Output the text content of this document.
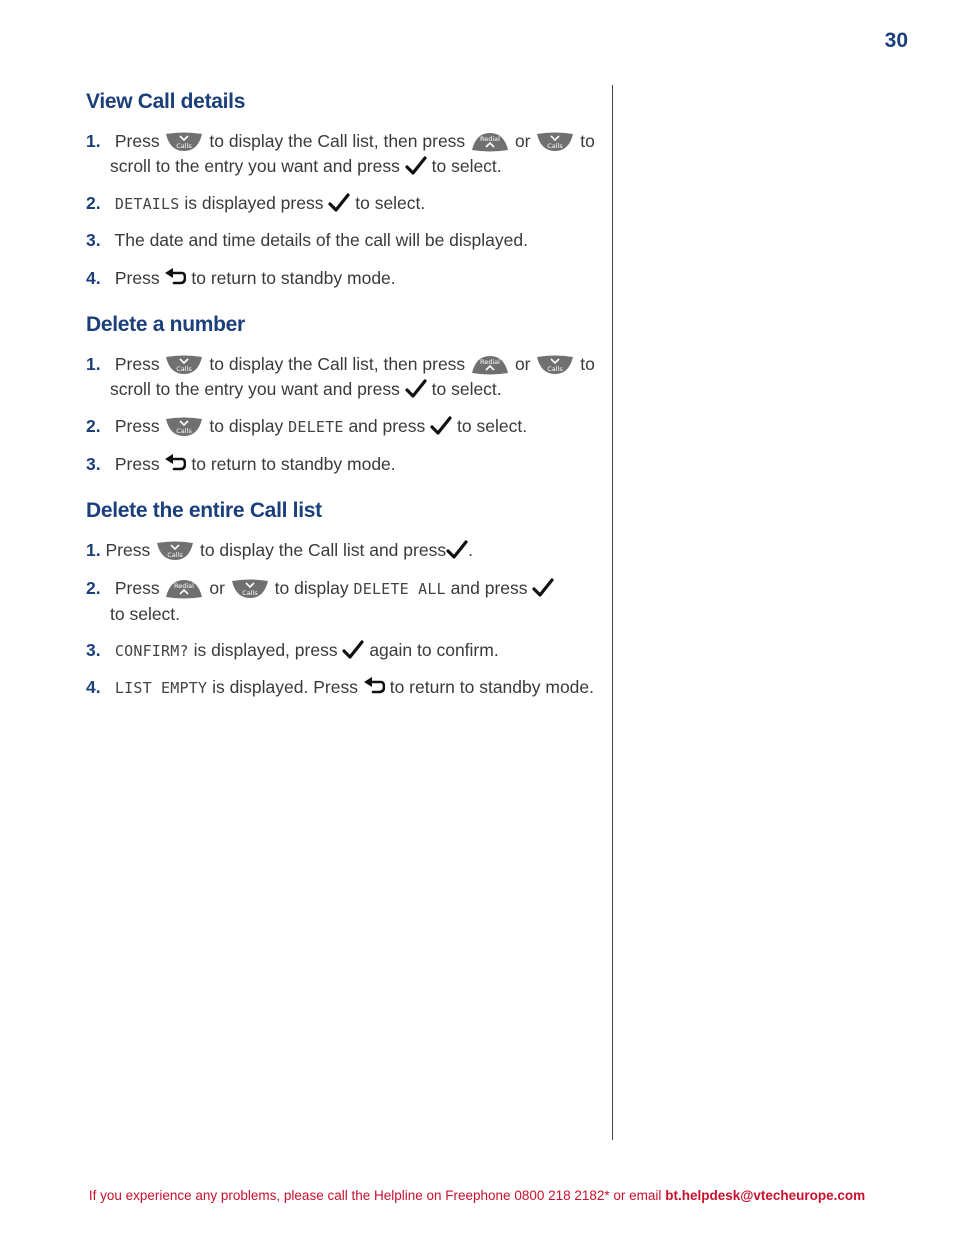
30
View Call details
1. Press	to display the Call list, then press	or	to
scroll to the entry you want and press to select.
2. DETAILS is displayed press to select.
3. The date and time details of the call will be displayed.
4. Press to return to standby mode.
Delete a number
1. Press	to display the Call list, then press	or	to
scroll to the entry you want and press to select.
2. Press	to display DELETE and press to select.
3. Press to return to standby mode.
Delete the entire Call list
1. Press	to display the Call list and press .
2. Press	or	to display DELETE ALL and press
to select.
3. CONFIRM? is displayed, press again to confirm.
4. LIST EMPTY is displayed. Press to return to standby mode.
If you experience any problems, please call the Helpline on Freephone 0800 218 2182* or email bt.helpdesk@vtecheurope.com
